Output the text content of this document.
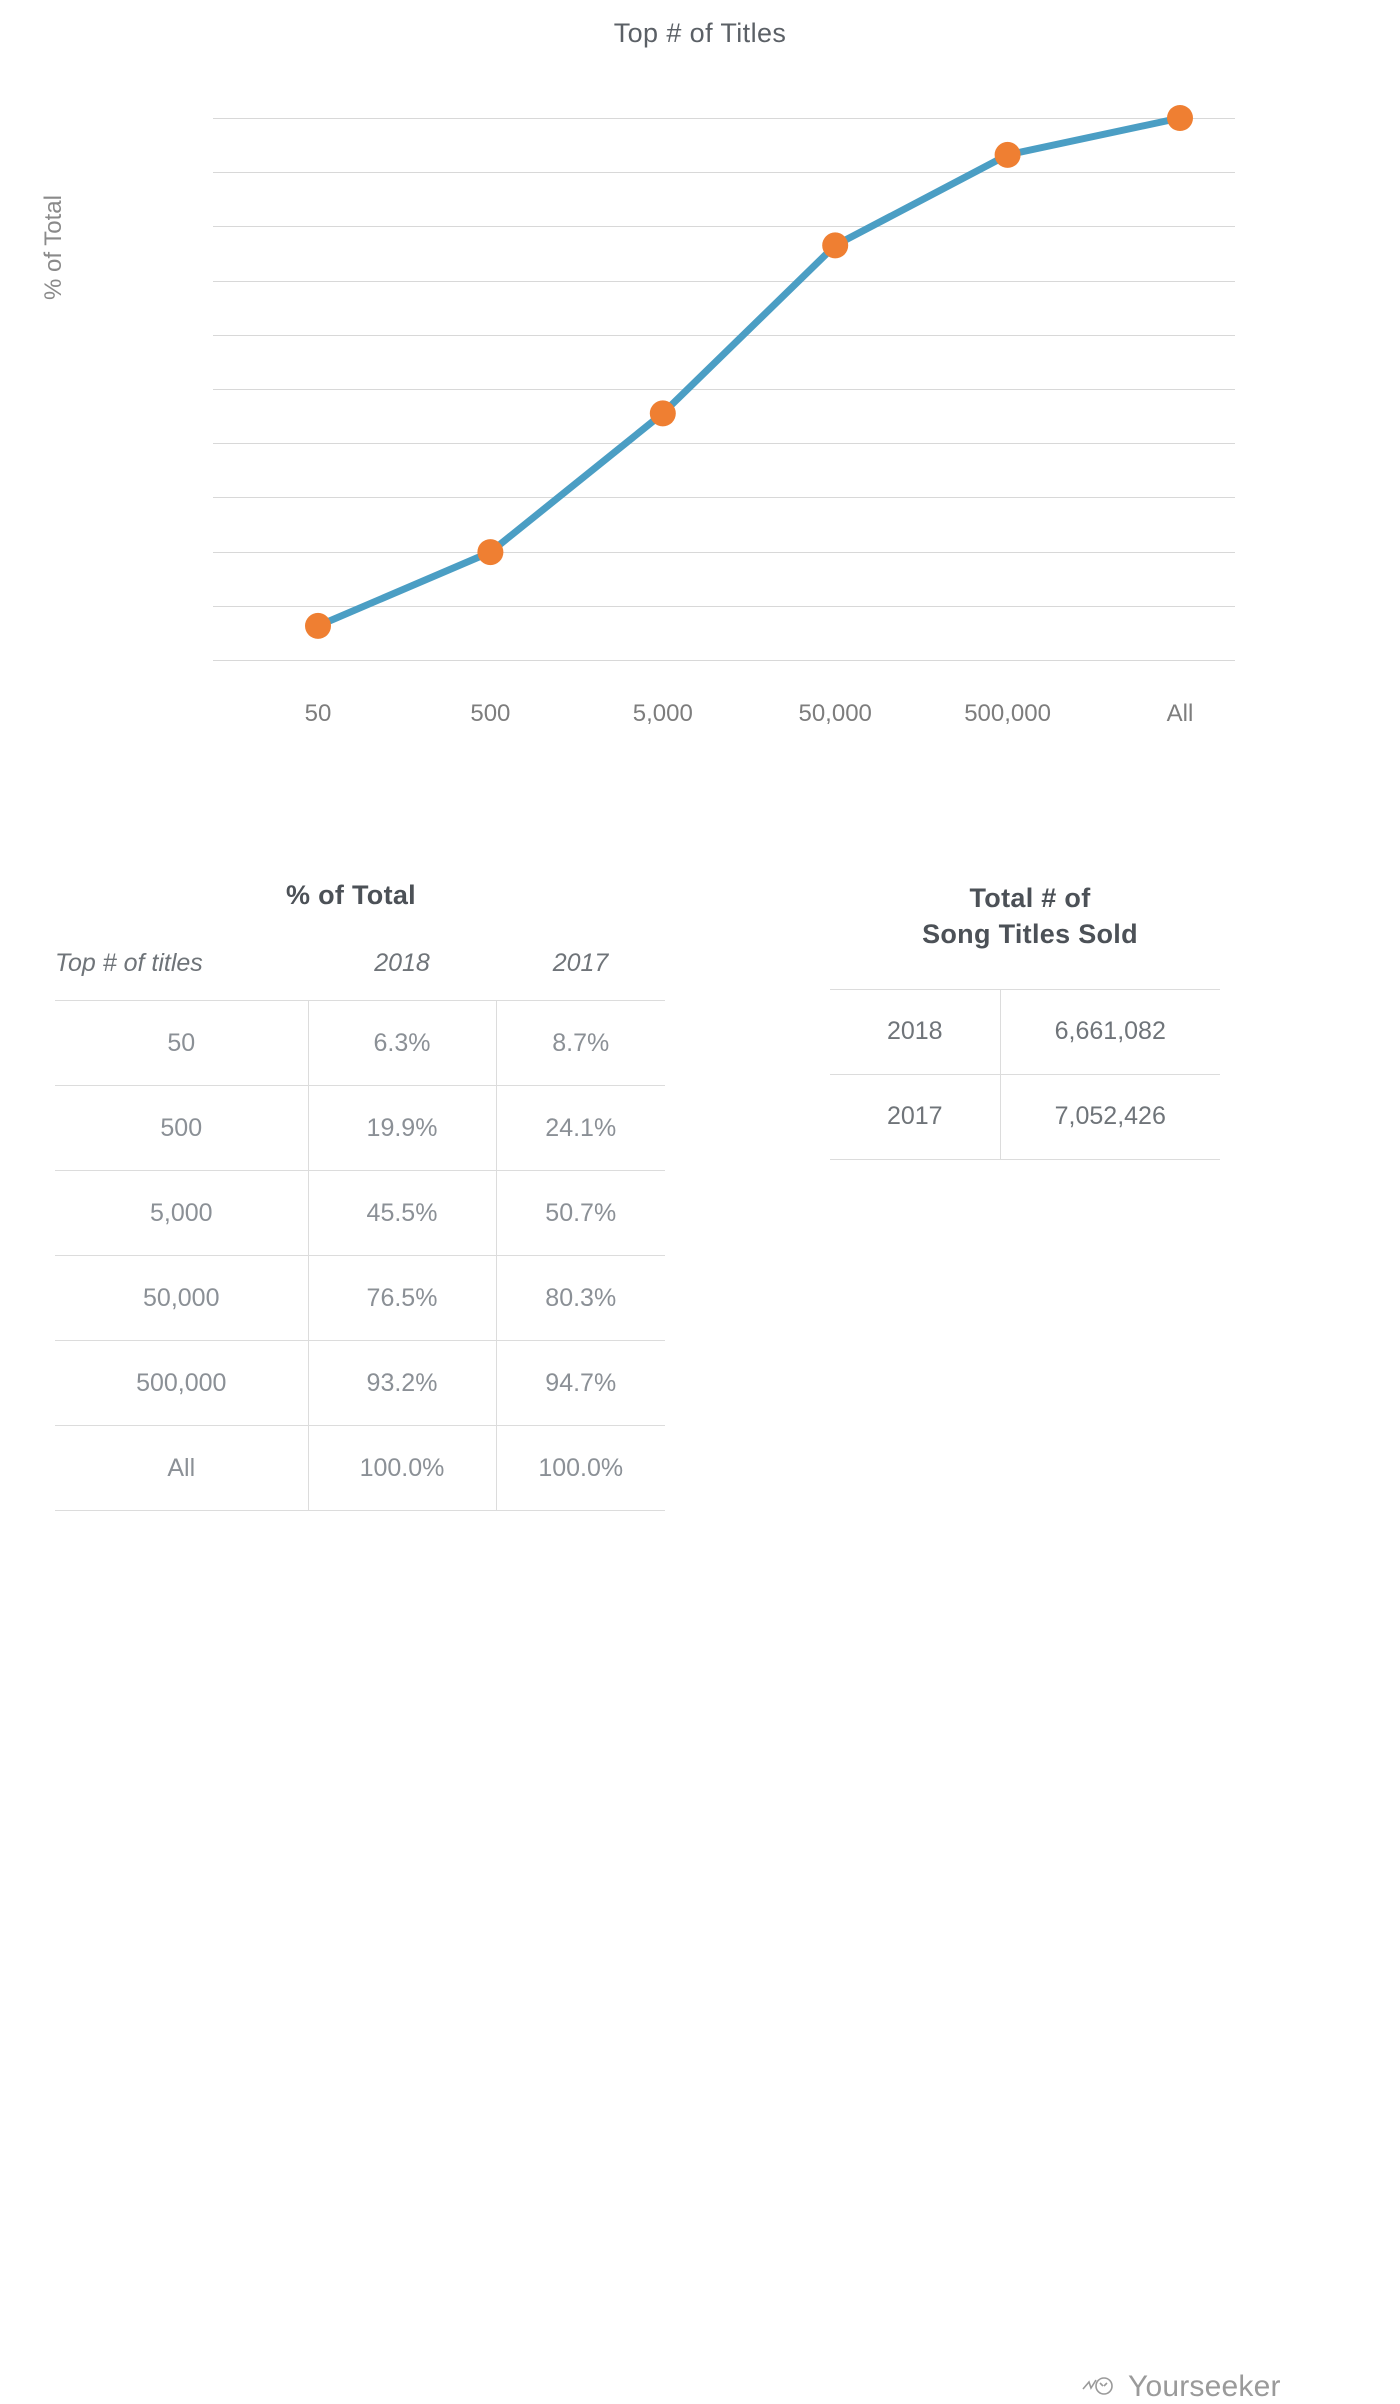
Top # of Titles
% of Total
50	500	5,000	50,000	500,000	All
% of Total
Top # of titles	2018	2017
50	6.3%	8.7%
500	19.9%	24.1%
5,000	45.5%	50.7%
50,000	76.5%	80.3%
500,000	93.2%	94.7%
All	100.0%	100.0%
Total # of
Song Titles Sold
2018	6,661,082
2017	7,052,426
Yourseeker
